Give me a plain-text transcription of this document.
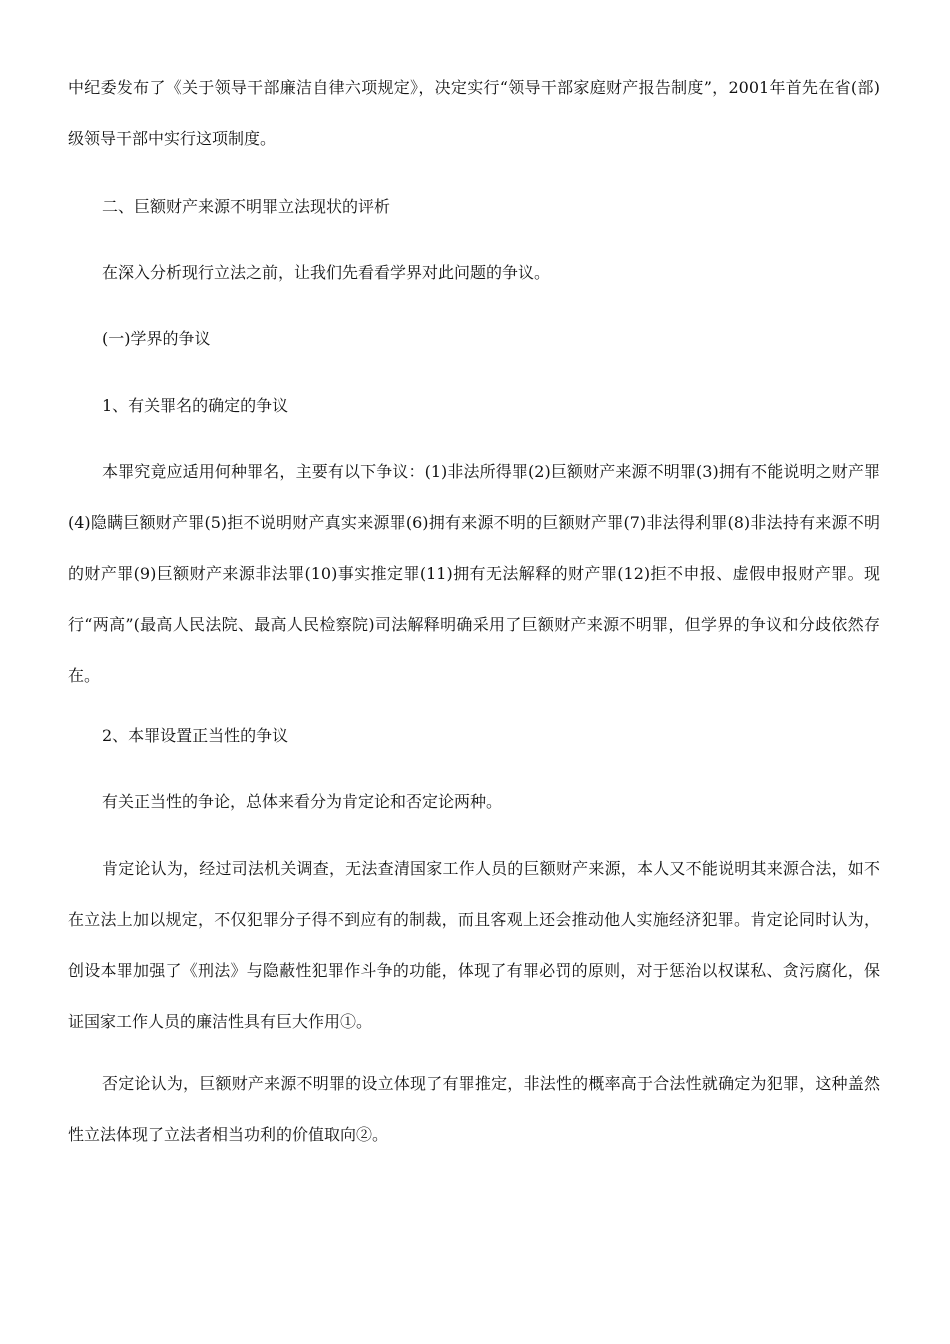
中纪委发布了《关于领导干部廉洁自律六项规定》，决定实行“领导干部家庭财产报告制度”，2001年首先在省(部)级领导干部中实行这项制度。

二、巨额财产来源不明罪立法现状的评析

在深入分析现行立法之前，让我们先看看学界对此问题的争议。

(一)学界的争议

1、有关罪名的确定的争议

本罪究竟应适用何种罪名，主要有以下争议：(1)非法所得罪(2)巨额财产来源不明罪(3)拥有不能说明之财产罪(4)隐瞒巨额财产罪(5)拒不说明财产真实来源罪(6)拥有来源不明的巨额财产罪(7)非法得利罪(8)非法持有来源不明的财产罪(9)巨额财产来源非法罪(10)事实推定罪(11)拥有无法解释的财产罪(12)拒不申报、虚假申报财产罪。现行“两高”(最高人民法院、最高人民检察院)司法解释明确采用了巨额财产来源不明罪，但学界的争议和分歧依然存在。

2、本罪设置正当性的争议

有关正当性的争论，总体来看分为肯定论和否定论两种。

肯定论认为，经过司法机关调查，无法查清国家工作人员的巨额财产来源，本人又不能说明其来源合法，如不在立法上加以规定，不仅犯罪分子得不到应有的制裁，而且客观上还会推动他人实施经济犯罪。肯定论同时认为，创设本罪加强了《刑法》与隐蔽性犯罪作斗争的功能，体现了有罪必罚的原则，对于惩治以权谋私、贪污腐化，保证国家工作人员的廉洁性具有巨大作用①。

否定论认为，巨额财产来源不明罪的设立体现了有罪推定，非法性的概率高于合法性就确定为犯罪，这种盖然性立法体现了立法者相当功利的价值取向②。
